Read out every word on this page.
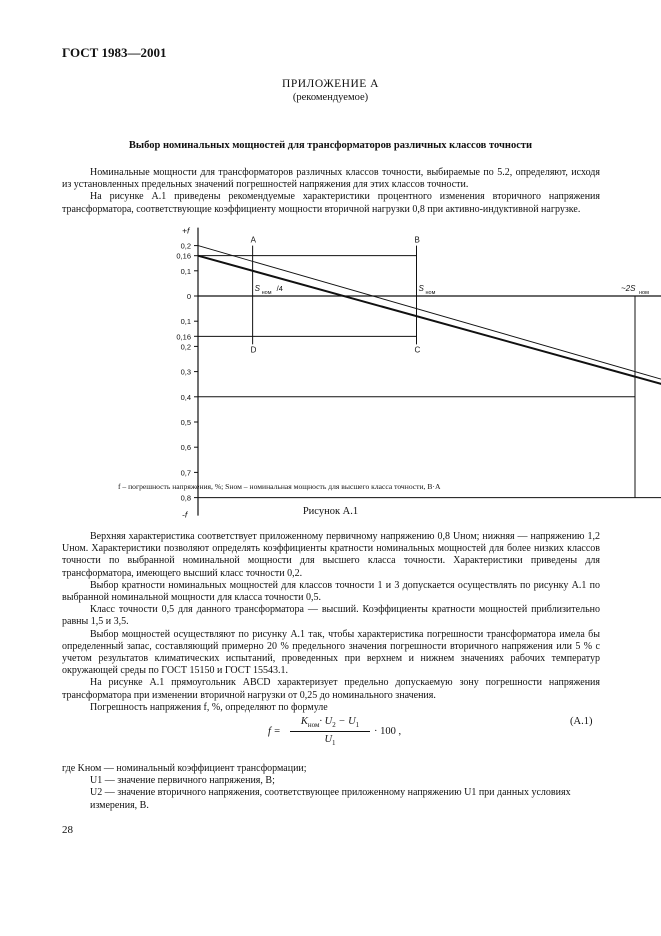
ГОСТ 1983—2001
ПРИЛОЖЕНИЕ А
(рекомендуемое)
Выбор номинальных мощностей для трансформаторов различных классов точности

Номинальные мощности для трансформаторов различных классов точности, выбираемые по 5.2, определяют, исходя из установленных предельных значений погрешностей напряжения для этих классов точности.

На рисунке А.1 приведены рекомендуемые характеристики процентного изменения вторичного напряжения трансформатора, соответствующие коэффициенту мощности вторичной нагрузки 0,8 при активно-индуктивной нагрузке.

+f
-f
0,2
0,16
0,1
0
0,1
0,16
0,2
0,3
0,4
0,5
0,6
0,7
0,8
A	B
D	C
S ном /4	S ном	~2S ном
f – погрешность напряжения, %; Sном – номинальная мощность для высшего класса точности, В·А
Рисунок А.1

Верхняя характеристика соответствует приложенному первичному напряжению 0,8 Uном; нижняя — напряжению 1,2 Uном. Характеристики позволяют определять коэффициенты кратности номинальных мощностей для более низких классов точности по выбранной номинальной мощности для высшего класса точности. Характеристики приведены для трансформатора, имеющего высший класс точности 0,2.

Выбор кратности номинальных мощностей для классов точности 1 и 3 допускается осуществлять по рисунку А.1 по выбранной номинальной мощности для класса точности 0,5.

Класс точности 0,5 для данного трансформатора — высший. Коэффициенты кратности мощностей приблизительно равны 1,5 и 3,5.

Выбор мощностей осуществляют по рисунку А.1 так, чтобы характеристика погрешности трансформатора имела бы определенный запас, составляющий примерно 20 % предельного значения погрешности вторичного напряжения или 5 % с учетом результатов климатических испытаний, проведенных при верхнем и нижнем значениях рабочих температур окружающей среды по ГОСТ 15150 и ГОСТ 15543.1.

На рисунке А.1 прямоугольник ABCD характеризует предельно допускаемую зону погрешности напряжения трансформатора при изменении вторичной нагрузки от 0,25 до номинального значения.

Погрешность напряжения f, %, определяют по формуле

f =
$K_{ном}\cdot U_2 - U_1$
$U_1$
· 100 ,
(А.1)
где Kном — номинальный коэффициент трансформации;
U1 — значение первичного напряжения, В;
U2 — значение вторичного напряжения, соответствующее приложенному напряжению U1 при данных условиях измерения, В.
28
